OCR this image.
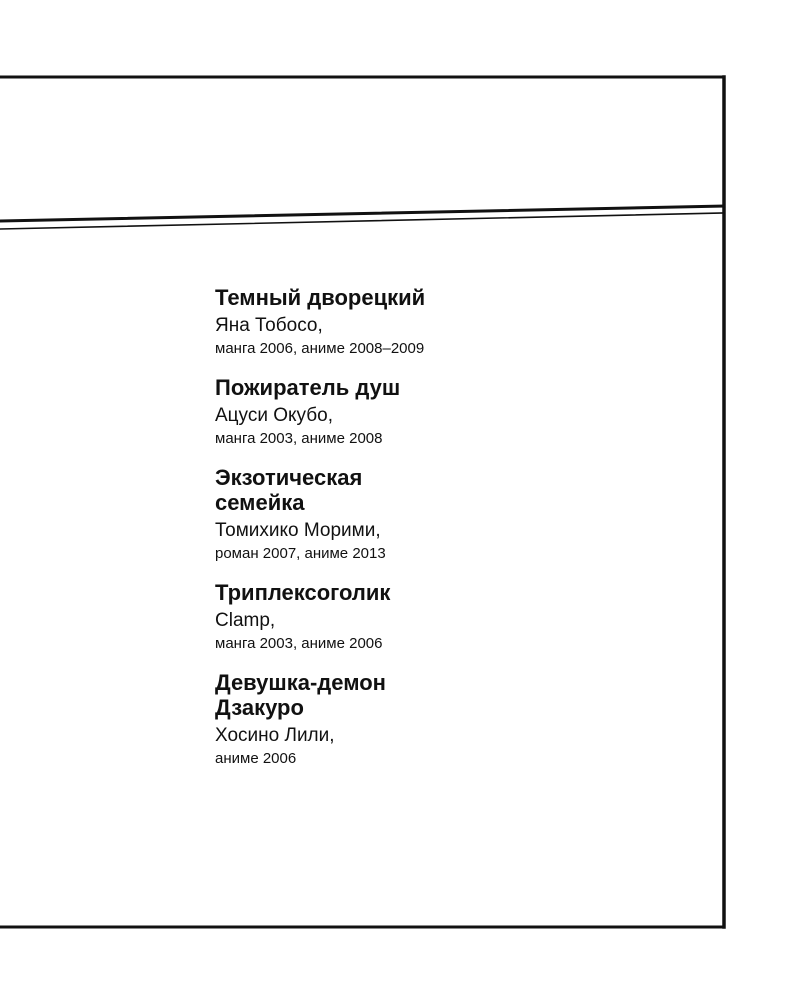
Темный дворецкий
Яна Тобосо,
манга 2006, аниме 2008–2009
Пожиратель душ
Ацуси Окубо,
манга 2003, аниме 2008
Экзотическая
семейка
Томихико Морими,
роман 2007, аниме 2013
Триплексоголик
Clamp,
манга 2003, аниме 2006
Девушка-демон
Дзакуро
Хосино Лили,
аниме 2006
